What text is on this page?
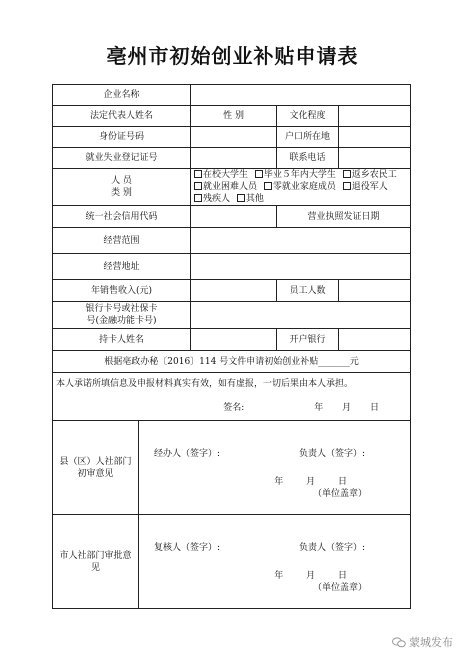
亳州市初始创业补贴申请表
企业名称				
法定代表人姓名		性 别	文化程度	
身份证号码			户口所在地	
就业失业登记证号			联系电话	

人 员
类 别		在校大学生 毕业５年内大学生 返乡农民工 就业困难人员 零就业家庭成员 退役军人 残疾人 其他		
统一社会信用代码			营业执照发证日期	
经营范围				
经营地址				
年销售收入(元)			员工人数	

银行卡号或社保卡
号(金融功能卡号)				

持卡人姓名			开户银行	
根据亳政办秘〔2016〕114 号文件申请初始创业补贴_______元				

本人承诺所填信息及申报材料真实有效，如有虚报，一切后果由本人承担。
签名: 年 月 日				

县（区）人社部门初审意见	经办人（签字）: 负责人（签字）:
年 月 日
（单位盖章）			

市人社部门审批意见	复核人（签字）: 负责人（签字）:
年 月 日
（单位盖章）			
蒙城发布
